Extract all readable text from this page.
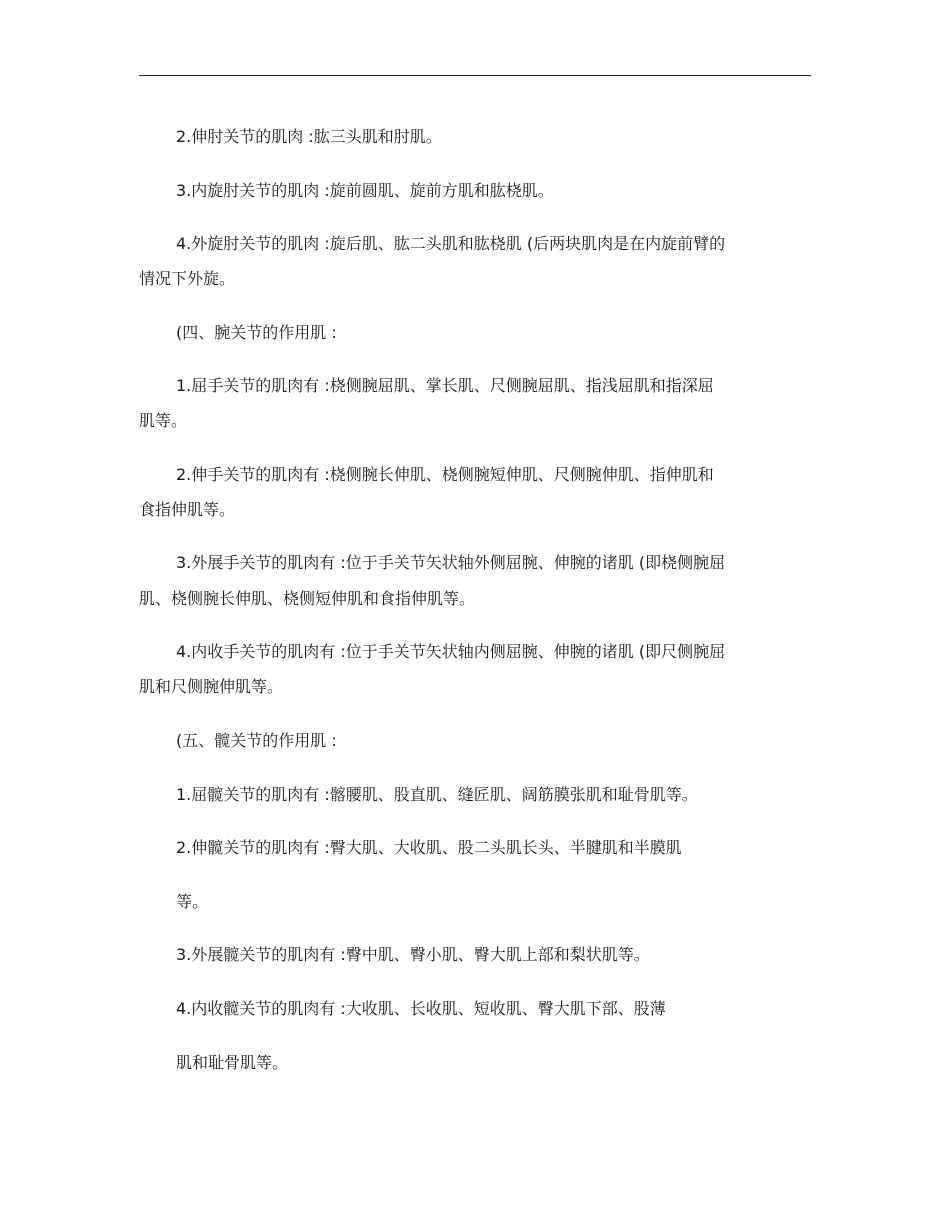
2.伸肘关节的肌肉 :肱三头肌和肘肌。
3.内旋肘关节的肌肉 :旋前圆肌、旋前方肌和肱桡肌。
4.外旋肘关节的肌肉 :旋后肌、肱二头肌和肱桡肌 (后两块肌肉是在内旋前臂的
情况下外旋。
(四、腕关节的作用肌 :
1.屈手关节的肌肉有 :桡侧腕屈肌、掌长肌、尺侧腕屈肌、指浅屈肌和指深屈
肌等。
2.伸手关节的肌肉有 :桡侧腕长伸肌、桡侧腕短伸肌、尺侧腕伸肌、指伸肌和
食指伸肌等。
3.外展手关节的肌肉有 :位于手关节矢状轴外侧屈腕、伸腕的诸肌 (即桡侧腕屈
肌、桡侧腕长伸肌、桡侧短伸肌和食指伸肌等。
4.内收手关节的肌肉有 :位于手关节矢状轴内侧屈腕、伸腕的诸肌 (即尺侧腕屈
肌和尺侧腕伸肌等。
(五、髋关节的作用肌 :
1.屈髋关节的肌肉有 :髂腰肌、股直肌、缝匠肌、阔筋膜张肌和耻骨肌等。
2.伸髋关节的肌肉有 :臀大肌、大收肌、股二头肌长头、半腱肌和半膜肌
等。
3.外展髋关节的肌肉有 :臀中肌、臀小肌、臀大肌上部和梨状肌等。
4.内收髋关节的肌肉有 :大收肌、长收肌、短收肌、臀大肌下部、股薄
肌和耻骨肌等。
